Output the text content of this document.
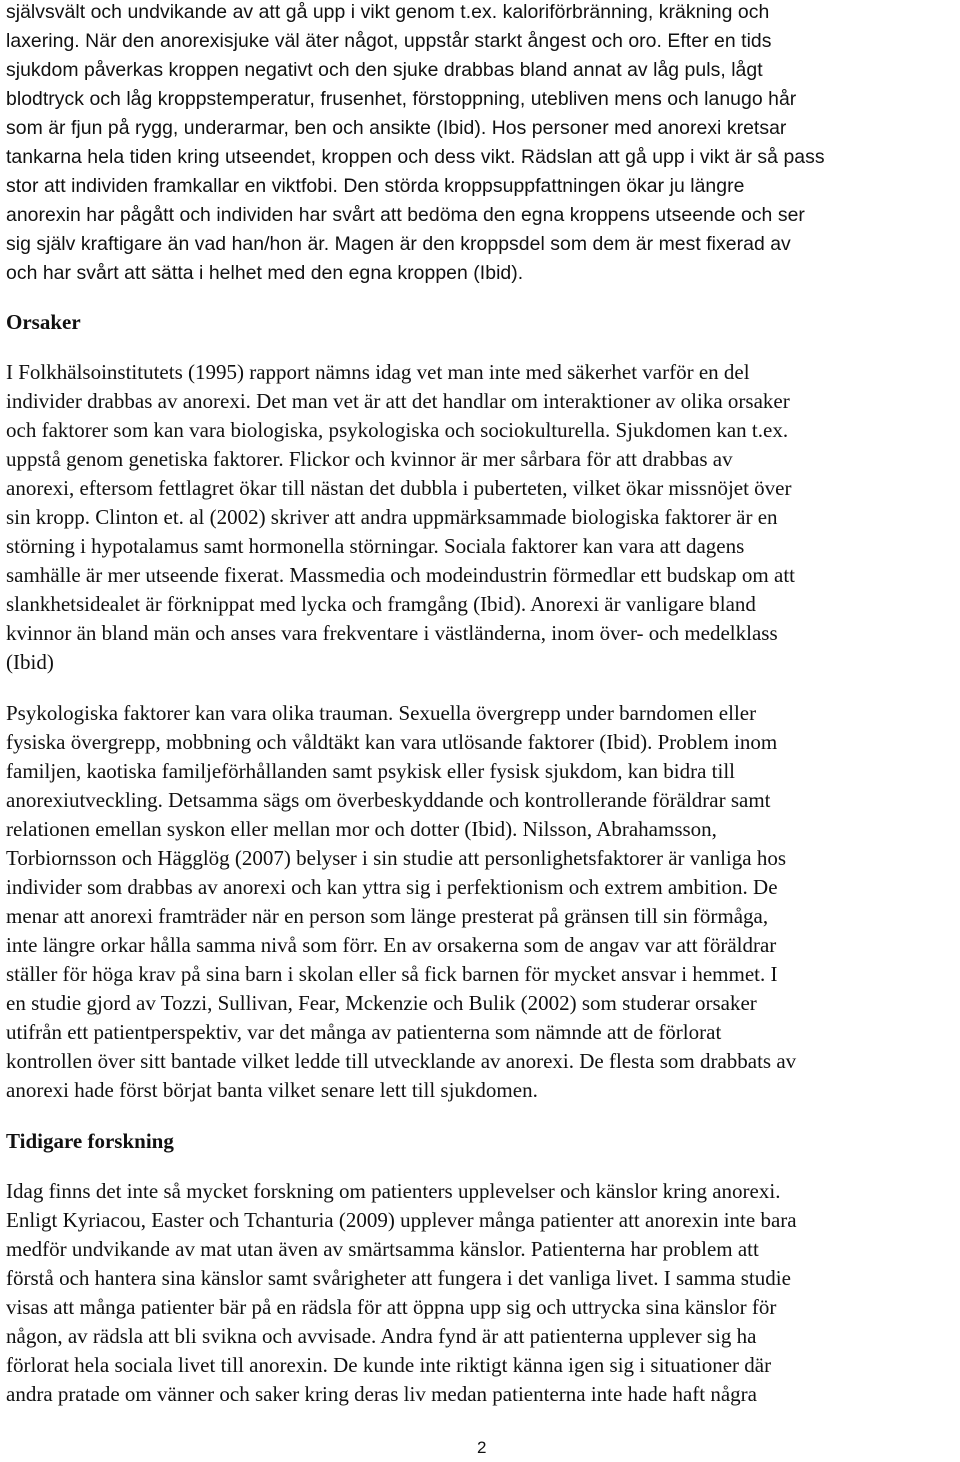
självsvält och undvikande av att gå upp i vikt genom t.ex. kaloriförbränning, kräkning och
laxering. När den anorexisjuke väl äter något, uppstår starkt ångest och oro. Efter en tids
sjukdom påverkas kroppen negativt och den sjuke drabbas bland annat av låg puls, lågt
blodtryck och låg kroppstemperatur, frusenhet, förstoppning, utebliven mens och lanugo hår
som är fjun på rygg, underarmar, ben och ansikte (Ibid). Hos personer med anorexi kretsar
tankarna hela tiden kring utseendet, kroppen och dess vikt. Rädslan att gå upp i vikt är så pass
stor att individen framkallar en viktfobi. Den störda kroppsuppfattningen ökar ju längre
anorexin har pågått och individen har svårt att bedöma den egna kroppens utseende och ser
sig själv kraftigare än vad han/hon är. Magen är den kroppsdel som dem är mest fixerad av
och har svårt att sätta i helhet med den egna kroppen (Ibid).
Orsaker
I Folkhälsoinstitutets (1995) rapport nämns idag vet man inte med säkerhet varför en del
individer drabbas av anorexi. Det man vet är att det handlar om interaktioner av olika orsaker
och faktorer som kan vara biologiska, psykologiska och sociokulturella. Sjukdomen kan t.ex.
uppstå genom genetiska faktorer. Flickor och kvinnor är mer sårbara för att drabbas av
anorexi, eftersom fettlagret ökar till nästan det dubbla i puberteten, vilket ökar missnöjet över
sin kropp. Clinton et. al (2002) skriver att andra uppmärksammade biologiska faktorer är en
störning i hypotalamus samt hormonella störningar. Sociala faktorer kan vara att dagens
samhälle är mer utseende fixerat. Massmedia och modeindustrin förmedlar ett budskap om att
slankhetsidealet är förknippat med lycka och framgång (Ibid). Anorexi är vanligare bland
kvinnor än bland män och anses vara frekventare i västländerna, inom över- och medelklass
(Ibid)
Psykologiska faktorer kan vara olika trauman. Sexuella övergrepp under barndomen eller
fysiska övergrepp, mobbning och våldtäkt kan vara utlösande faktorer (Ibid). Problem inom
familjen, kaotiska familjeförhållanden samt psykisk eller fysisk sjukdom, kan bidra till
anorexiutveckling. Detsamma sägs om överbeskyddande och kontrollerande föräldrar samt
relationen emellan syskon eller mellan mor och dotter (Ibid). Nilsson, Abrahamsson,
Torbiornsson och Hägglög (2007) belyser i sin studie att personlighetsfaktorer är vanliga hos
individer som drabbas av anorexi och kan yttra sig i perfektionism och extrem ambition. De
menar att anorexi framträder när en person som länge presterat på gränsen till sin förmåga,
inte längre orkar hålla samma nivå som förr. En av orsakerna som de angav var att föräldrar
ställer för höga krav på sina barn i skolan eller så fick barnen för mycket ansvar i hemmet. I
en studie gjord av Tozzi, Sullivan, Fear, Mckenzie och Bulik (2002) som studerar orsaker
utifrån ett patientperspektiv, var det många av patienterna som nämnde att de förlorat
kontrollen över sitt bantade vilket ledde till utvecklande av anorexi. De flesta som drabbats av
anorexi hade först börjat banta vilket senare lett till sjukdomen.
Tidigare forskning
Idag finns det inte så mycket forskning om patienters upplevelser och känslor kring anorexi.
Enligt Kyriacou, Easter och Tchanturia (2009) upplever många patienter att anorexin inte bara
medför undvikande av mat utan även av smärtsamma känslor. Patienterna har problem att
förstå och hantera sina känslor samt svårigheter att fungera i det vanliga livet. I samma studie
visas att många patienter bär på en rädsla för att öppna upp sig och uttrycka sina känslor för
någon, av rädsla att bli svikna och avvisade. Andra fynd är att patienterna upplever sig ha
förlorat hela sociala livet till anorexin. De kunde inte riktigt känna igen sig i situationer där
andra pratade om vänner och saker kring deras liv medan patienterna inte hade haft några
2
